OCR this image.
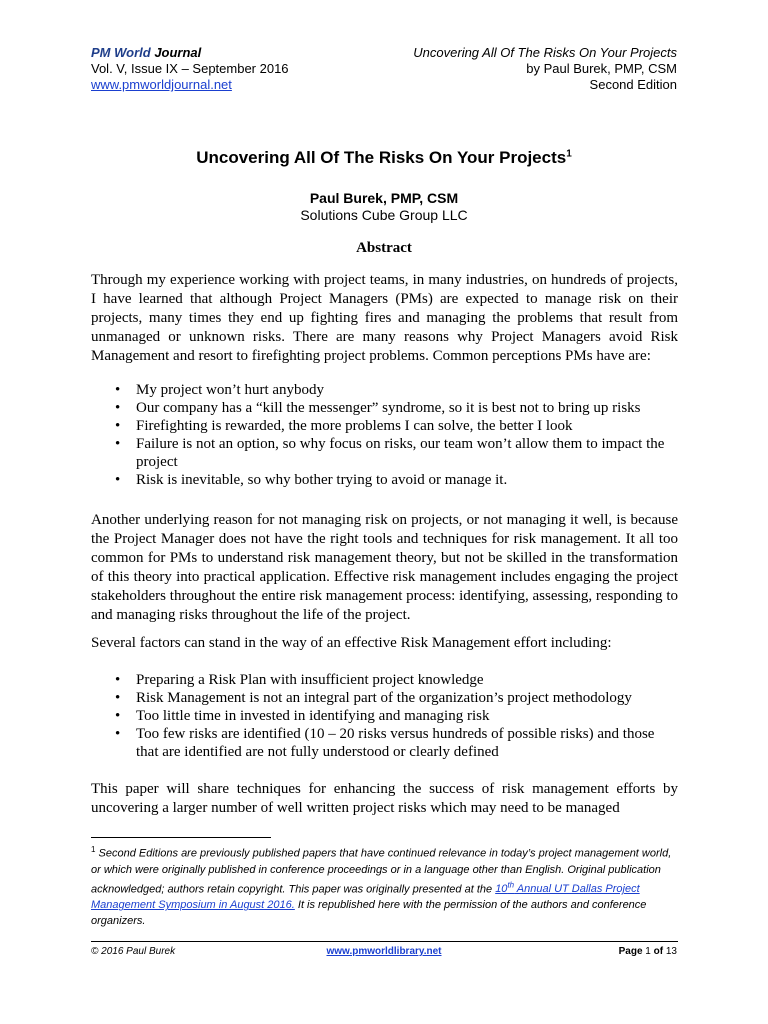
PM World Journal
Vol. V, Issue IX – September 2016
www.pmworldjournal.net
Uncovering All Of The Risks On Your Projects
by Paul Burek, PMP, CSM
Second Edition
Uncovering All Of The Risks On Your Projects$^1$
Paul Burek, PMP, CSM
Solutions Cube Group LLC
Abstract

Through my experience working with project teams, in many industries, on hundreds of projects, I have learned that although Project Managers (PMs) are expected to manage risk on their projects, many times they end up fighting fires and managing the problems that result from unmanaged or unknown risks. There are many reasons why Project Managers avoid Risk Management and resort to firefighting project problems. Common perceptions PMs have are:

• My project won’t hurt anybody
• Our company has a “kill the messenger” syndrome, so it is best not to bring up risks
• Firefighting is rewarded, the more problems I can solve, the better I look
• Failure is not an option, so why focus on risks, our team won’t allow them to impact the project
• Risk is inevitable, so why bother trying to avoid or manage it.

Another underlying reason for not managing risk on projects, or not managing it well, is because the Project Manager does not have the right tools and techniques for risk management. It all too common for PMs to understand risk management theory, but not be skilled in the transformation of this theory into practical application. Effective risk management includes engaging the project stakeholders throughout the entire risk management process: identifying, assessing, responding to and managing risks throughout the life of the project.

Several factors can stand in the way of an effective Risk Management effort including:

• Preparing a Risk Plan with insufficient project knowledge
• Risk Management is not an integral part of the organization’s project methodology
• Too little time in invested in identifying and managing risk
• Too few risks are identified (10 – 20 risks versus hundreds of possible risks) and those that are identified are not fully understood or clearly defined

This paper will share techniques for enhancing the success of risk management efforts by uncovering a larger number of well written project risks which may need to be managed

$^1$ Second Editions are previously published papers that have continued relevance in today’s project management world, or which were originally published in conference proceedings or in a language other than English. Original publication acknowledged; authors retain copyright. This paper was originally presented at the 10th Annual UT Dallas Project Management Symposium in August 2016. It is republished here with the permission of the authors and conference organizers.
© 2016 Paul Burek	www.pmworldlibrary.net	Page 1 of 13
